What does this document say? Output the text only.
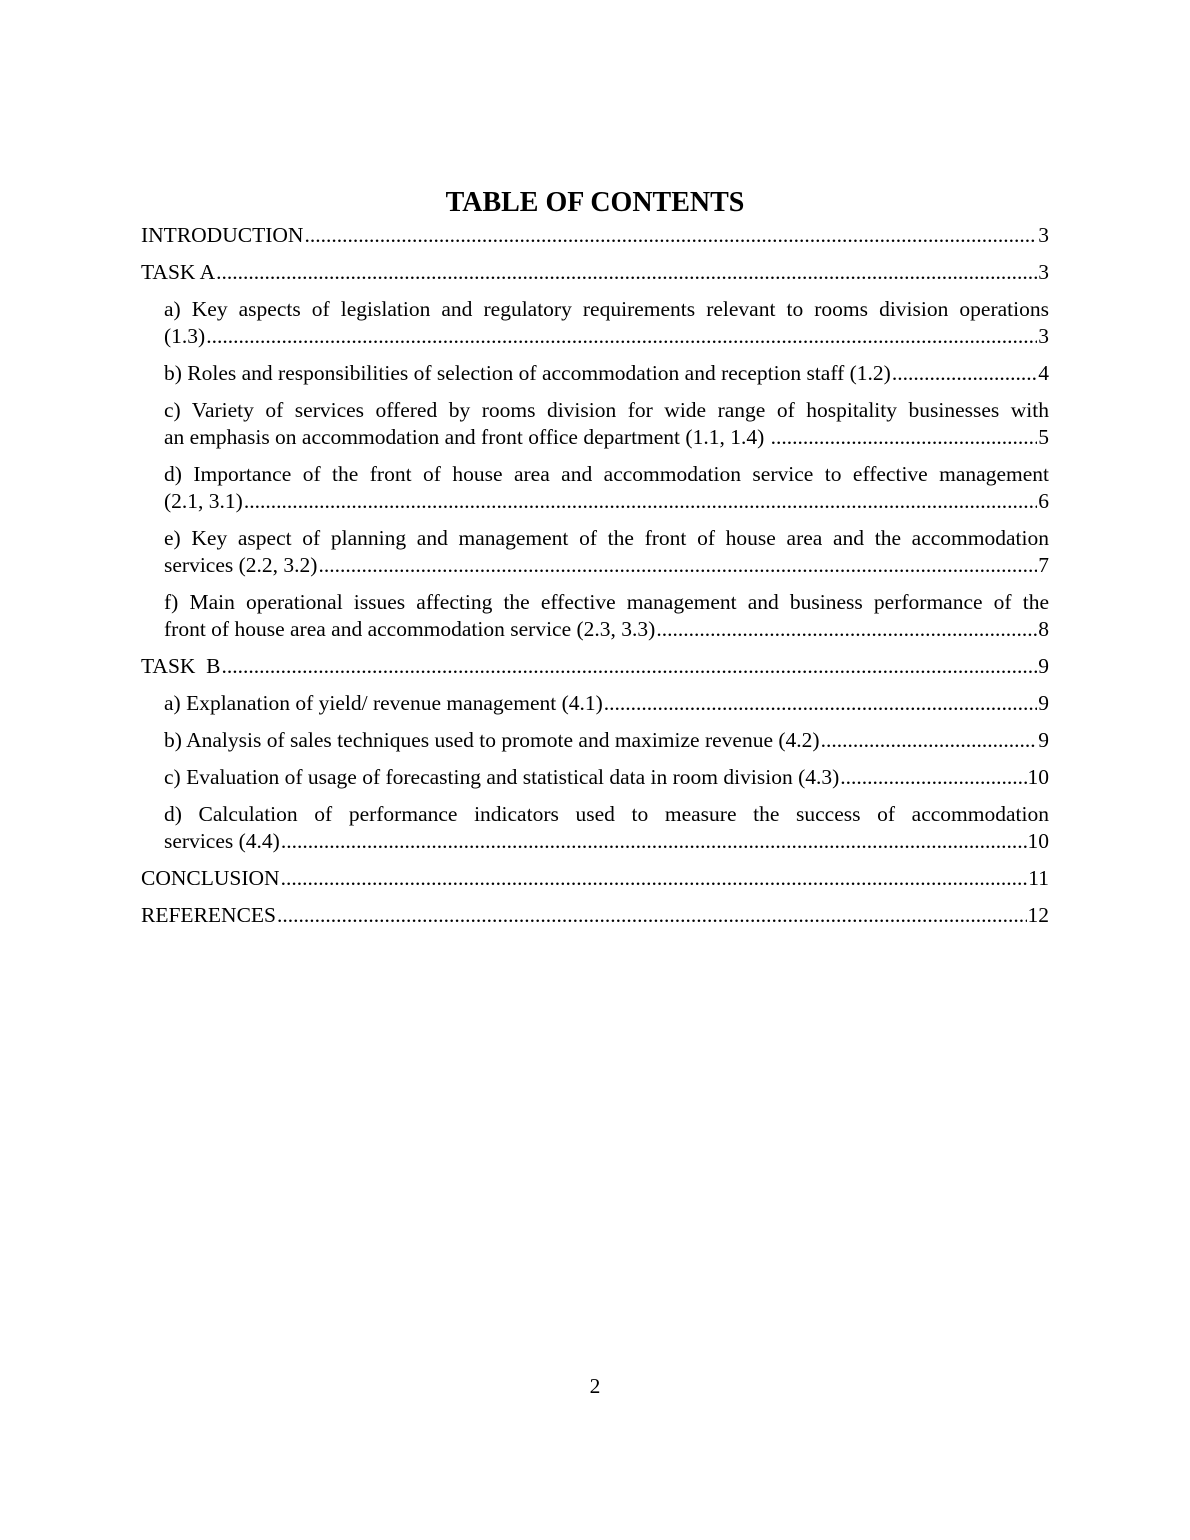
TABLE OF CONTENTS
INTRODUCTION .....	3
TASK A .....	3
a) Key aspects of legislation and regulatory requirements relevant to rooms division operations
(1.3) .....	3
b) Roles and responsibilities of selection of accommodation and reception staff (1.2) .....	4
c) Variety of services offered by rooms division for wide range of hospitality businesses with
an emphasis on accommodation and front office department (1.1, 1.4) .....	5
d) Importance of the front of house area and accommodation service to effective management
(2.1, 3.1) .....	6
e) Key aspect of planning and management of the front of house area and the accommodation
services (2.2, 3.2) .....	7
f) Main operational issues affecting the effective management and business performance of the
front of house area and accommodation service (2.3, 3.3) .....	8
TASK  B .....	9
a) Explanation of yield/ revenue management (4.1) .....	9
b) Analysis of sales techniques used to promote and maximize revenue (4.2) .....	9
c) Evaluation of usage of forecasting and statistical data in room division (4.3) .....	10
d) Calculation of performance indicators used to measure the success of accommodation
services (4.4) .....	10
CONCLUSION .....	11
REFERENCES .....	12
2
